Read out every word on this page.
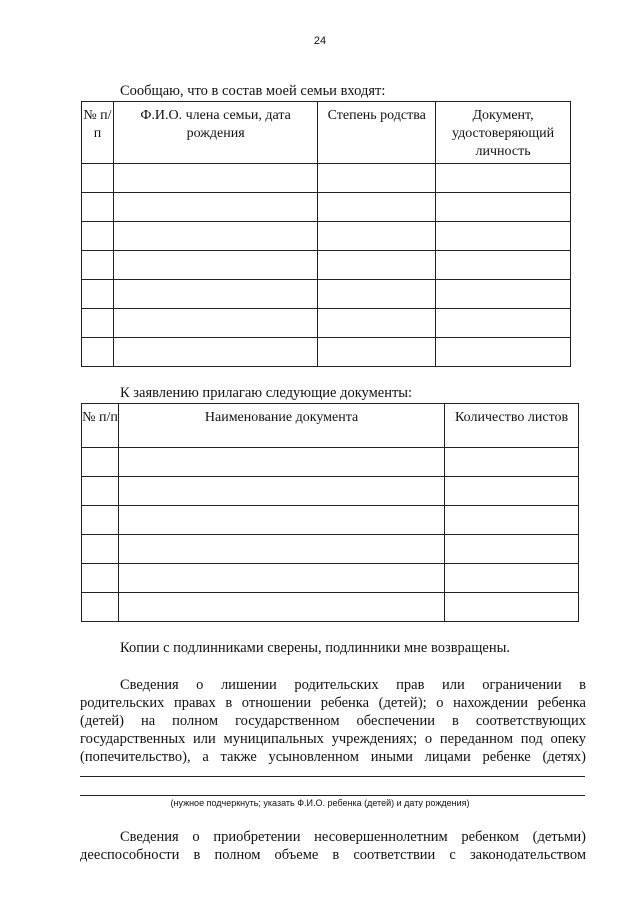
24
Сообщаю, что в состав моей семьи входят:
№ п/п	Ф.И.О. члена семьи, дата рождения	Степень родства	Документ, удостоверяющий личность

К заявлению прилагаю следующие документы:
№ п/п	Наименование документа	Количество листов

Копии с подлинниками сверены, подлинники мне возвращены.
Сведения о лишении родительских прав или ограничении в
родительских правах в отношении ребенка (детей); о нахождении ребенка
(детей) на полном государственном обеспечении в соответствующих
государственных или муниципальных учреждениях; о переданном под опеку
(попечительство), а также усыновленном иными лицами ребенке (детях)
(нужное подчеркнуть; указать Ф.И.О. ребенка (детей) и дату рождения)
Сведения о приобретении несовершеннолетним ребенком (детьми)
дееспособности в полном объеме в соответствии с законодательством
